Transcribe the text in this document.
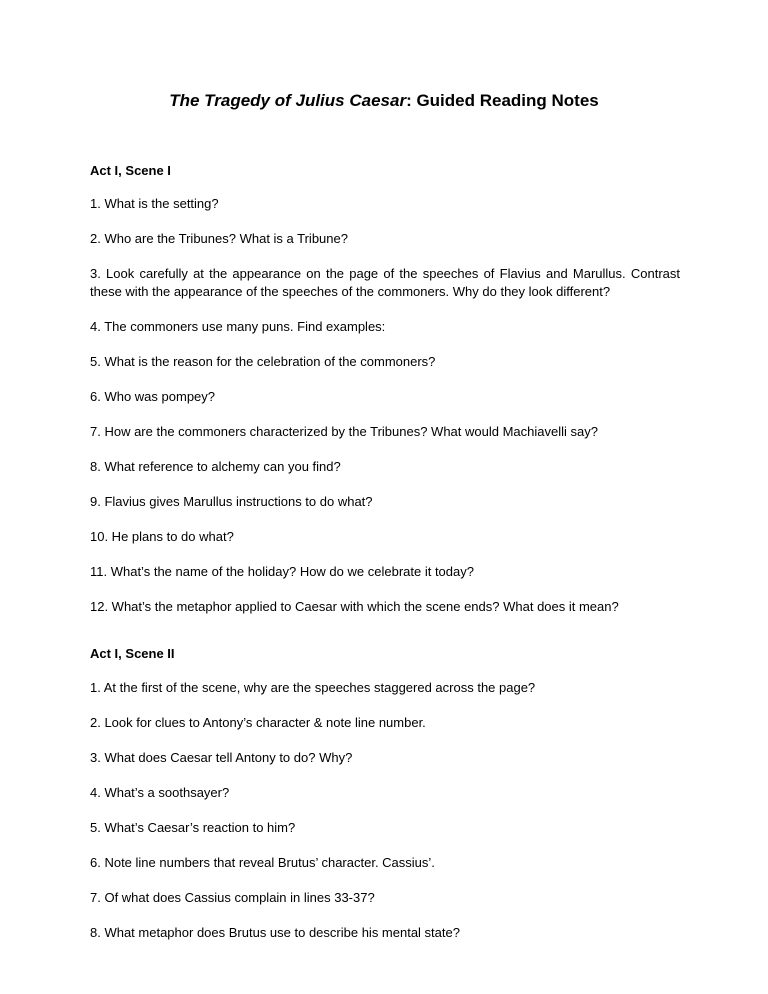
The Tragedy of Julius Caesar: Guided Reading Notes

Act I, Scene I

1. What is the setting?
2. Who are the Tribunes? What is a Tribune?
3. Look carefully at the appearance on the page of the speeches of Flavius and Marullus. Contrast these with the appearance of the speeches of the commoners. Why do they look different?
4. The commoners use many puns. Find examples:
5. What is the reason for the celebration of the commoners?
6. Who was pompey?
7. How are the commoners characterized by the Tribunes? What would Machiavelli say?
8. What reference to alchemy can you find?
9. Flavius gives Marullus instructions to do what?
10. He plans to do what?
11. What’s the name of the holiday? How do we celebrate it today?
12. What’s the metaphor applied to Caesar with which the scene ends? What does it mean?

Act I, Scene II

1. At the first of the scene, why are the speeches staggered across the page?
2. Look for clues to Antony’s character & note line number.
3. What does Caesar tell Antony to do? Why?
4. What’s a soothsayer?
5. What’s Caesar’s reaction to him?
6. Note line numbers that reveal Brutus’ character. Cassius’.
7. Of what does Cassius complain in lines 33-37?
8. What metaphor does Brutus use to describe his mental state?
